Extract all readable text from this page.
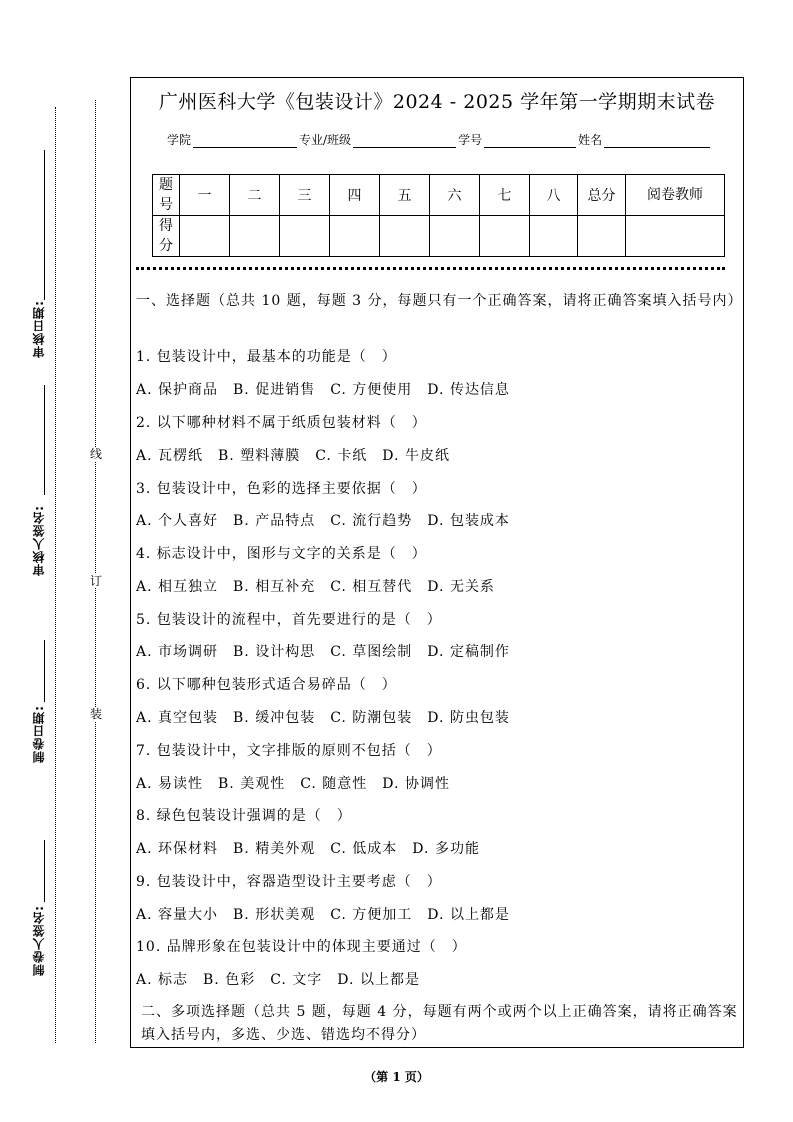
审核日期:
审核人签名:
制卷日期:
制卷人签名:
线
订
装
广州医科大学《包装设计》2024 - 2025 学年第一学期期末试卷
学院	专业/班级	学号	姓名
题号	一	二	三	四	五	六	七	八	总分	阅卷教师
得分										
一、选择题（总共 10 题，每题 3 分，每题只有一个正确答案，请将正确答案填入括号内）
1. 包装设计中，最基本的功能是（　）
A. 保护商品　B. 促进销售　C. 方便使用　D. 传达信息
2. 以下哪种材料不属于纸质包装材料（　）
A. 瓦楞纸　B. 塑料薄膜　C. 卡纸　D. 牛皮纸
3. 包装设计中，色彩的选择主要依据（　）
A. 个人喜好　B. 产品特点　C. 流行趋势　D. 包装成本
4. 标志设计中，图形与文字的关系是（　）
A. 相互独立　B. 相互补充　C. 相互替代　D. 无关系
5. 包装设计的流程中，首先要进行的是（　）
A. 市场调研　B. 设计构思　C. 草图绘制　D. 定稿制作
6. 以下哪种包装形式适合易碎品（　）
A. 真空包装　B. 缓冲包装　C. 防潮包装　D. 防虫包装
7. 包装设计中，文字排版的原则不包括（　）
A. 易读性　B. 美观性　C. 随意性　D. 协调性
8. 绿色包装设计强调的是（　）
A. 环保材料　B. 精美外观　C. 低成本　D. 多功能
9. 包装设计中，容器造型设计主要考虑（　）
A. 容量大小　B. 形状美观　C. 方便加工　D. 以上都是
10. 品牌形象在包装设计中的体现主要通过（　）
A. 标志　B. 色彩　C. 文字　D. 以上都是
二、多项选择题（总共 5 题，每题 4 分，每题有两个或两个以上正确答案，请将正确答案填入括号内，多选、少选、错选均不得分）
（第 1 页）
